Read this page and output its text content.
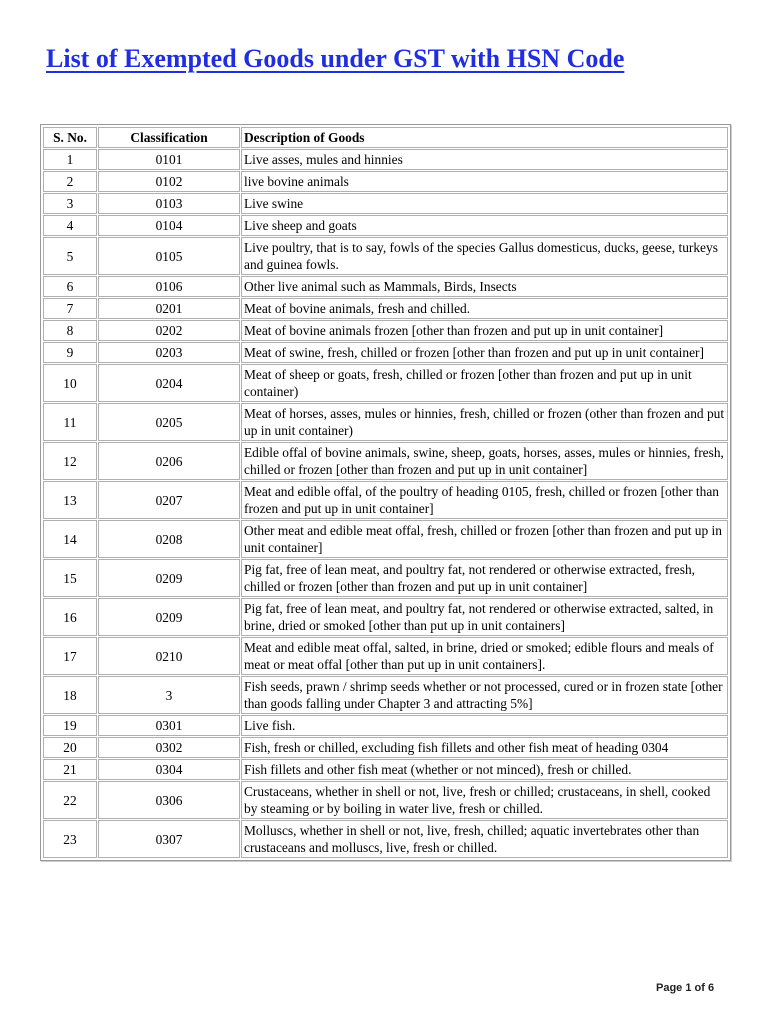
List of Exempted Goods under GST with HSN Code
S. No.	Classification	Description of Goods
1	0101	Live asses, mules and hinnies
2	0102	live bovine animals
3	0103	Live swine
4	0104	Live sheep and goats
5	0105	Live poultry, that is to say, fowls of the species Gallus domesticus, ducks, geese, turkeys and guinea fowls.
6	0106	Other live animal such as Mammals, Birds, Insects
7	0201	Meat of bovine animals, fresh and chilled.
8	0202	Meat of bovine animals frozen [other than frozen and put up in unit container]
9	0203	Meat of swine, fresh, chilled or frozen [other than frozen and put up in unit container]
10	0204	Meat of sheep or goats, fresh, chilled or frozen [other than frozen and put up in unit container)
11	0205	Meat of horses, asses, mules or hinnies, fresh, chilled or frozen (other than frozen and put up in unit container)
12	0206	Edible offal of bovine animals, swine, sheep, goats, horses, asses, mules or hinnies, fresh, chilled or frozen [other than frozen and put up in unit container]
13	0207	Meat and edible offal, of the poultry of heading 0105, fresh, chilled or frozen [other than frozen and put up in unit container]
14	0208	Other meat and edible meat offal, fresh, chilled or frozen [other than frozen and put up in unit container]
15	0209	Pig fat, free of lean meat, and poultry fat, not rendered or otherwise extracted, fresh, chilled or frozen [other than frozen and put up in unit container]
16	0209	Pig fat, free of lean meat, and poultry fat, not rendered or otherwise extracted, salted, in brine, dried or smoked [other than put up in unit containers]
17	0210	Meat and edible meat offal, salted, in brine, dried or smoked; edible flours and meals of meat or meat offal [other than put up in unit containers].
18	3	Fish seeds, prawn / shrimp seeds whether or not processed, cured or in frozen state [other than goods falling under Chapter 3 and attracting 5%]
19	0301	Live fish.
20	0302	Fish, fresh or chilled, excluding fish fillets and other fish meat of heading 0304
21	0304	Fish fillets and other fish meat (whether or not minced), fresh or chilled.
22	0306	Crustaceans, whether in shell or not, live, fresh or chilled; crustaceans, in shell, cooked by steaming or by boiling in water live, fresh or chilled.
23	0307	Molluscs, whether in shell or not, live, fresh, chilled; aquatic invertebrates other than crustaceans and molluscs, live, fresh or chilled.
Page 1 of 6
